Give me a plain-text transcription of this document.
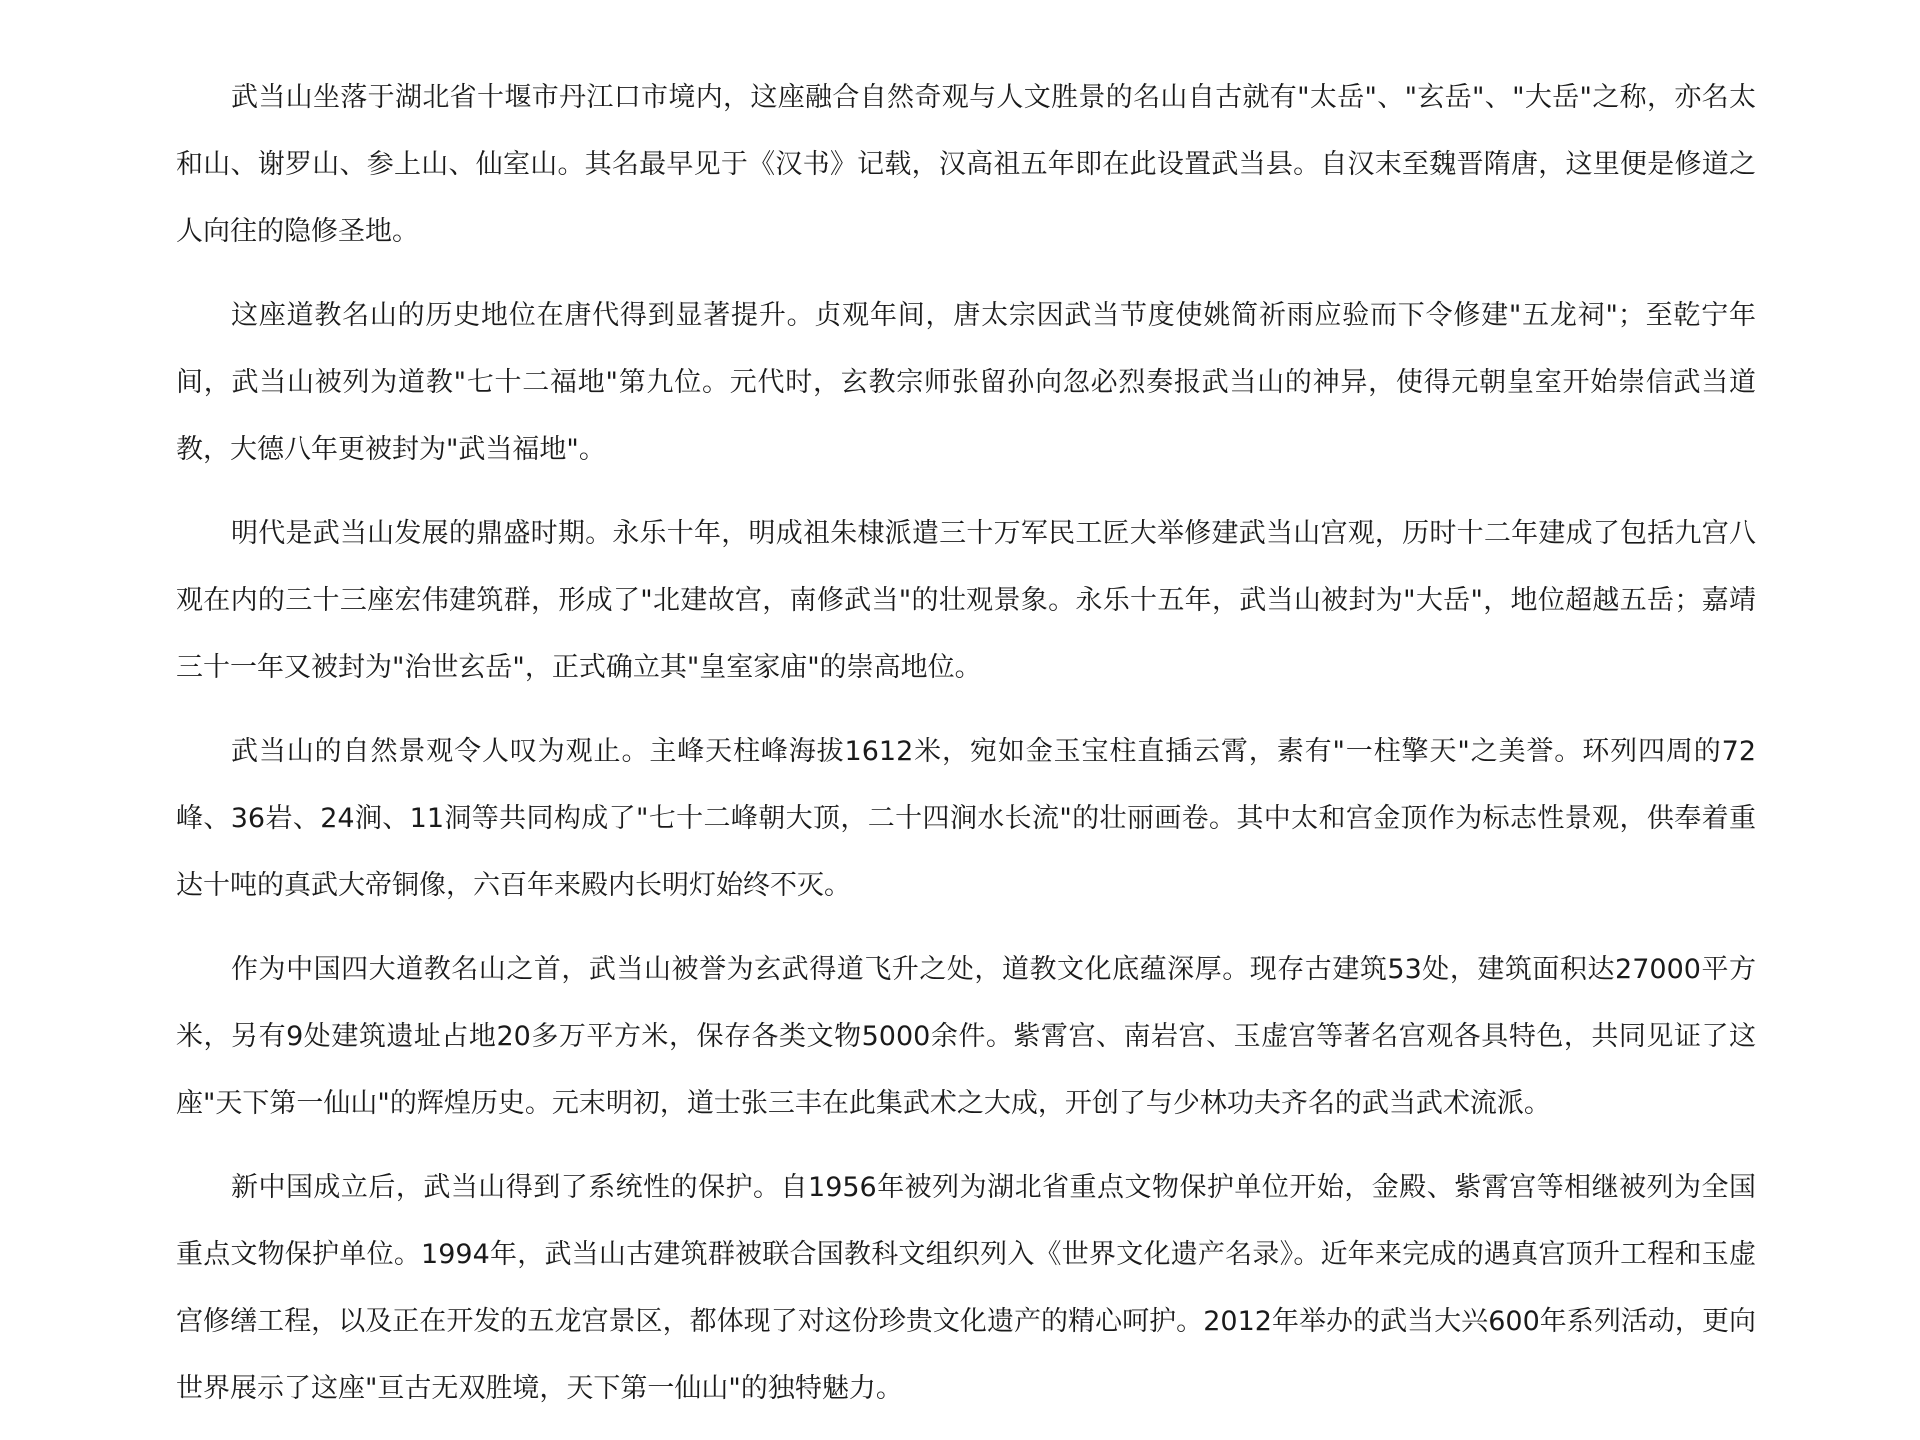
武当山坐落于湖北省十堰市丹江口市境内，这座融合自然奇观与人文胜景的名山自古就有"太岳"、"玄岳"、"大岳"之称，亦名太和山、谢罗山、参上山、仙室山。其名最早见于《汉书》记载，汉高祖五年即在此设置武当县。自汉末至魏晋隋唐，这里便是修道之人向往的隐修圣地。

这座道教名山的历史地位在唐代得到显著提升。贞观年间，唐太宗因武当节度使姚简祈雨应验而下令修建"五龙祠"；至乾宁年间，武当山被列为道教"七十二福地"第九位。元代时，玄教宗师张留孙向忽必烈奏报武当山的神异，使得元朝皇室开始崇信武当道教，大德八年更被封为"武当福地"。

明代是武当山发展的鼎盛时期。永乐十年，明成祖朱棣派遣三十万军民工匠大举修建武当山宫观，历时十二年建成了包括九宫八观在内的三十三座宏伟建筑群，形成了"北建故宫，南修武当"的壮观景象。永乐十五年，武当山被封为"大岳"，地位超越五岳；嘉靖三十一年又被封为"治世玄岳"，正式确立其"皇室家庙"的崇高地位。

武当山的自然景观令人叹为观止。主峰天柱峰海拔1612米，宛如金玉宝柱直插云霄，素有"一柱擎天"之美誉。环列四周的72峰、36岩、24涧、11洞等共同构成了"七十二峰朝大顶，二十四涧水长流"的壮丽画卷。其中太和宫金顶作为标志性景观，供奉着重达十吨的真武大帝铜像，六百年来殿内长明灯始终不灭。

作为中国四大道教名山之首，武当山被誉为玄武得道飞升之处，道教文化底蕴深厚。现存古建筑53处，建筑面积达27000平方米，另有9处建筑遗址占地20多万平方米，保存各类文物5000余件。紫霄宫、南岩宫、玉虚宫等著名宫观各具特色，共同见证了这座"天下第一仙山"的辉煌历史。元末明初，道士张三丰在此集武术之大成，开创了与少林功夫齐名的武当武术流派。

新中国成立后，武当山得到了系统性的保护。自1956年被列为湖北省重点文物保护单位开始，金殿、紫霄宫等相继被列为全国重点文物保护单位。1994年，武当山古建筑群被联合国教科文组织列入《世界文化遗产名录》。近年来完成的遇真宫顶升工程和玉虚宫修缮工程，以及正在开发的五龙宫景区，都体现了对这份珍贵文化遗产的精心呵护。2012年举办的武当大兴600年系列活动，更向世界展示了这座"亘古无双胜境，天下第一仙山"的独特魅力。
